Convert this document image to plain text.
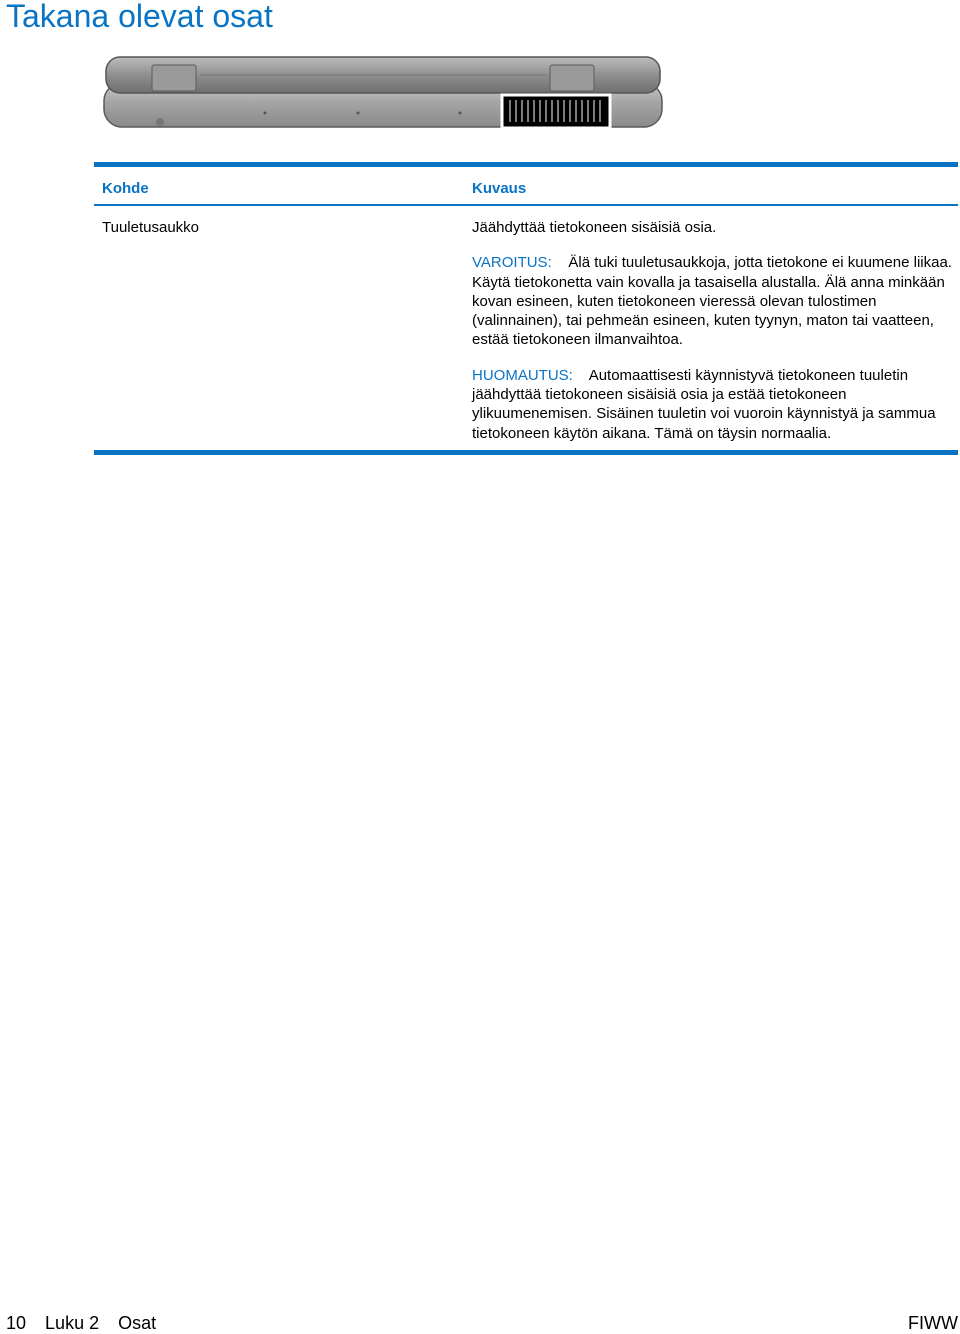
Takana olevat osat
Kohde	Kuvaus
Tuuletusaukko	Jäähdyttää tietokoneen sisäisiä osia.

VAROITUS: Älä tuki tuuletusaukkoja, jotta tietokone ei kuumene liikaa. Käytä tietokonetta vain kovalla ja tasaisella alustalla. Älä anna minkään kovan esineen, kuten tietokoneen vieressä olevan tulostimen (valinnainen), tai pehmeän esineen, kuten tyynyn, maton tai vaatteen, estää tietokoneen ilmanvaihtoa.

HUOMAUTUS: Automaattisesti käynnistyvä tietokoneen tuuletin jäähdyttää tietokoneen sisäisiä osia ja estää tietokoneen ylikuumenemisen. Sisäinen tuuletin voi vuoroin käynnistyä ja sammua tietokoneen käytön aikana. Tämä on täysin normaalia.

10 Luku 2 Osat	FIWW
